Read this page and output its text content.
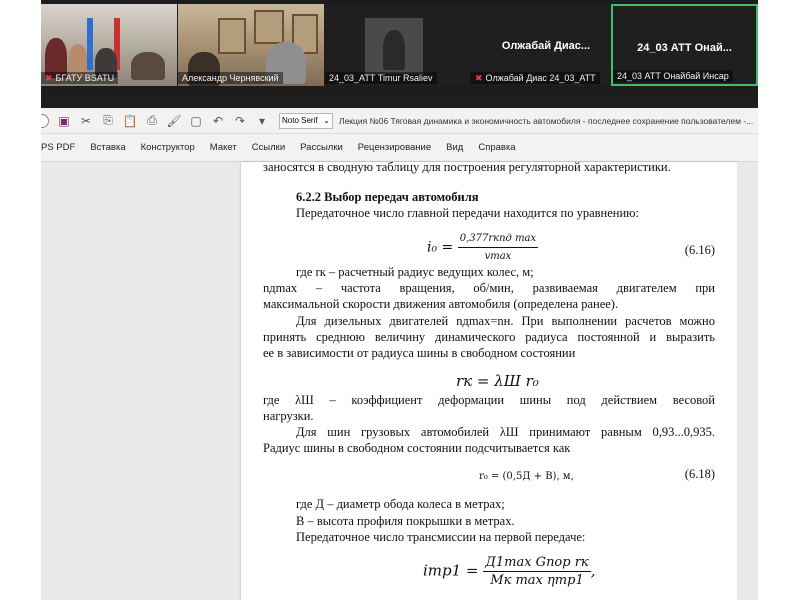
✖ БГАТУ BSATU	Александр Чернявский	24_03_АТТ Timur Rsaliev
Олжабай Диас...
✖ Олжабай Диас 24_03_АТТ
24_03 АТТ Онай...
24_03 АТТ Онайбай Инсар
▣ ✂	⎘ 📋 ⎙ 🖌 ▢ ↶ ↷	▾	Noto Serif ⌄ Лекция №06 Тяговая динамика и экономичность автомобиля - последнее сохранение пользователем -...
PS PDF Вставка Конструктор Макет Ссылки Рассылки Рецензирование Вид Справка

заносятся в сводную таблицу для построения регуляторной характеристики.

6.2.2 Выбор передач автомобиля

Передаточное число главной передачи находится по уравнению:

$i_0 = \frac{\text{0,377rкnд max}}{vmax}$	(6.16)

где rк – расчетный радиус ведущих колес, м;

nдmax – частота вращения, об/мин, развиваемая двигателем при

максимальной скорости движения автомобиля (определена ранее).

Для дизельных двигателей nдmax=nн. При выполнении расчетов можно

принять среднюю величину динамического радиуса постоянной и выразить

ее в зависимости от радиуса шины в свободном состоянии

rк = λШ r₀

где λШ – коэффициент деформации шины под действием весовой

нагрузки.

Для шин грузовых автомобилей λШ принимают равным 0,93...0,935.

Радиус шины в свободном состоянии подсчитывается как

r₀ = (0,5Д + В), м,	(6.18)

где Д – диаметр обода колеса в метрах;

В – высота профиля покрышки в метрах.

Передаточное число трансмиссии на первой передаче:

$iтр1 = \frac{\text{Д1max Gпор rк}}{\text{Mк max ηтр1}}$ ,
